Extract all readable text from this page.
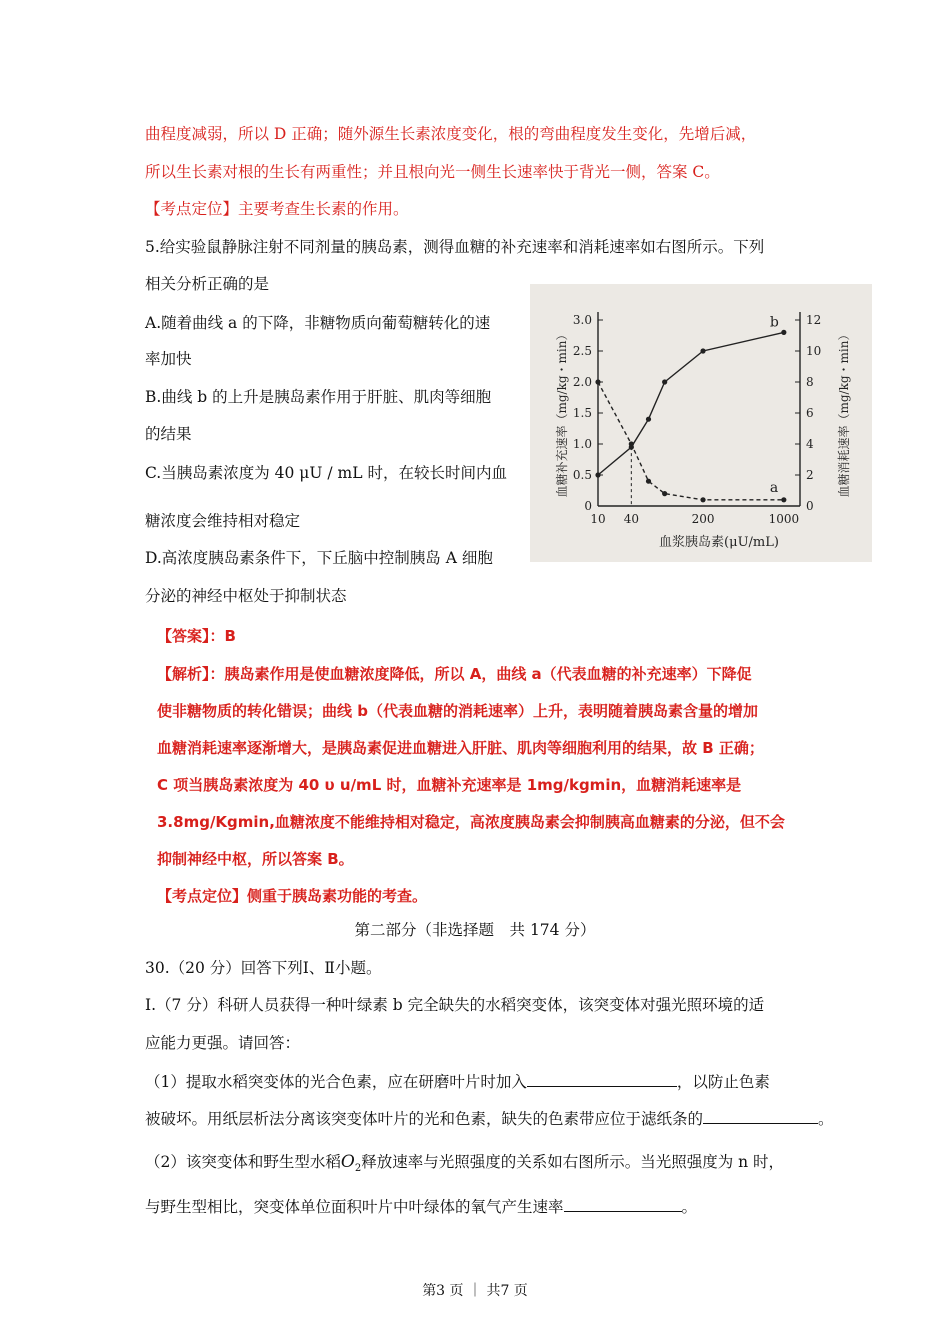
曲程度减弱，所以 D 正确；随外源生长素浓度变化，根的弯曲程度发生变化，先增后减，
所以生长素对根的生长有两重性；并且根向光一侧生长速率快于背光一侧，答案 C。
【考点定位】主要考查生长素的作用。
5.给实验鼠静脉注射不同剂量的胰岛素，测得血糖的补充速率和消耗速率如右图所示。下列
相关分析正确的是
A.随着曲线 a 的下降，非糖物质向葡萄糖转化的速
率加快
B.曲线 b 的上升是胰岛素作用于肝脏、肌肉等细胞
的结果
C.当胰岛素浓度为 40 μU / mL 时，在较长时间内血
糖浓度会维持相对稳定
D.高浓度胰岛素条件下，下丘脑中控制胰岛 A 细胞
分泌的神经中枢处于抑制状态
0
0.5
1.0
1.5
2.0
2.5
3.0
0
2
4
6
8
10
12
10 40	200	1000
血浆胰岛素(μU/mL)
血糖补充速率（mg/kg・min）	血糖消耗速率（mg/kg・min）
a
b
【答案】：B
【解析】：胰岛素作用是使血糖浓度降低，所以 A，曲线 a（代表血糖的补充速率）下降促
使非糖物质的转化错误；曲线 b（代表血糖的消耗速率）上升，表明随着胰岛素含量的增加
血糖消耗速率逐渐增大，是胰岛素促进血糖进入肝脏、肌肉等细胞利用的结果，故 B 正确；
C 项当胰岛素浓度为 40 υ u/mL 时，血糖补充速率是 1mg/kgmin，血糖消耗速率是
3.8mg/Kgmin,血糖浓度不能维持相对稳定，高浓度胰岛素会抑制胰高血糖素的分泌，但不会
抑制神经中枢，所以答案 B。
【考点定位】侧重于胰岛素功能的考查。
第二部分（非选择题　共 174 分）
30.（20 分）回答下列Ⅰ、Ⅱ小题。
Ⅰ.（7 分）科研人员获得一种叶绿素 b 完全缺失的水稻突变体，该突变体对强光照环境的适
应能力更强。请回答：
（1）提取水稻突变体的光合色素，应在研磨叶片时加入	，以防止色素
被破坏。用纸层析法分离该突变体叶片的光和色素，缺失的色素带应位于滤纸条的	。
（2）该突变体和野生型水稻$O_2$释放速率与光照强度的关系如右图所示。当光照强度为 n 时，
与野生型相比，突变体单位面积叶片中叶绿体的氧气产生速率	。
第3 页 ｜ 共7 页
